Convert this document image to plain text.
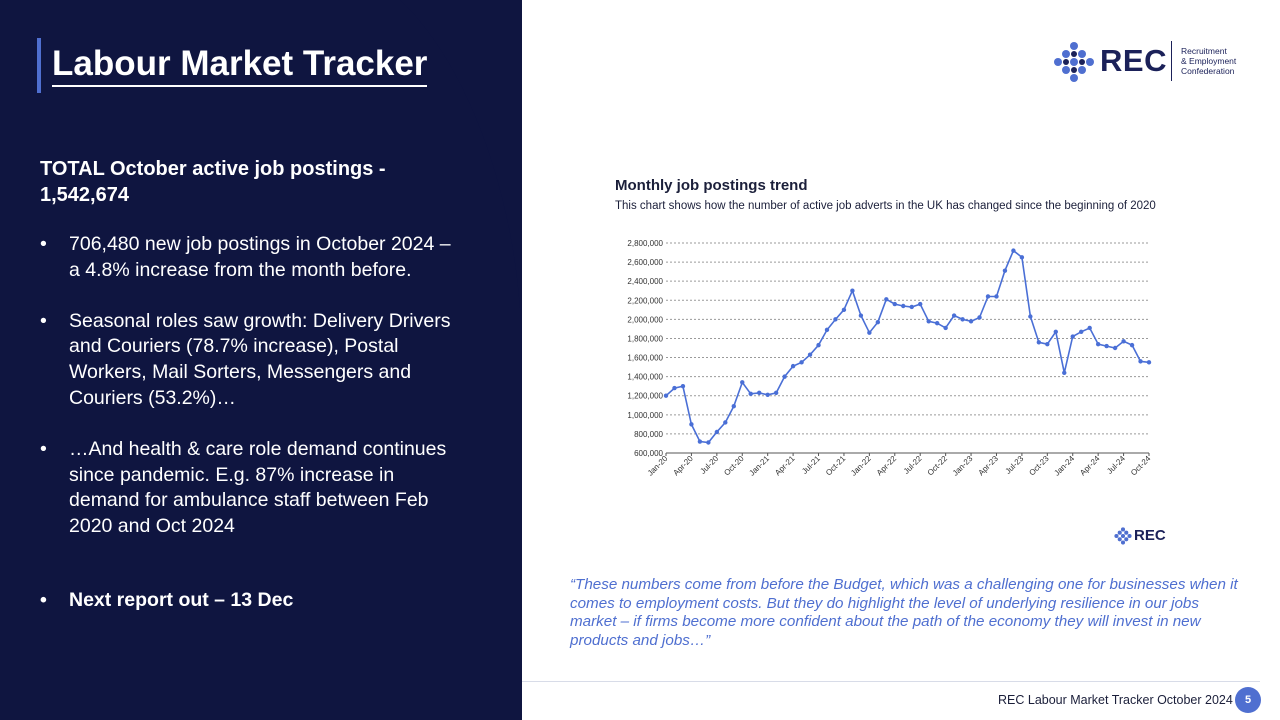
Labour Market Tracker
TOTAL October active job postings -
1,542,674
• 706,480 new job postings in October 2024 – a 4.8% increase from the month before.
• Seasonal roles saw growth: Delivery Drivers and Couriers (78.7% increase), Postal Workers, Mail Sorters, Messengers and Couriers (53.2%)…
• …And health & care role demand continues since pandemic. E.g. 87% increase in demand for ambulance staff between Feb 2020 and Oct 2024
• Next report out – 13 Dec
REC Recruitment
& Employment
Confederation
Monthly job postings trend
This chart shows how the number of active job adverts in the UK has changed since the beginning of 2020
600,000
800,000
1,000,000
1,200,000
1,400,000
1,600,000
1,800,000
2,000,000
2,200,000
2,400,000
2,600,000
2,800,000
Jan-20 Apr-20 Jul-20 Oct-20 Jan-21 Apr-21 Jul-21 Oct-21 Jan-22 Apr-22 Jul-22 Oct-22 Jan-23 Apr-23 Jul-23 Oct-23 Jan-24 Apr-24 Jul-24 Oct-24
REC
“These numbers come from before the Budget, which was a challenging one for businesses when it comes to employment costs. But they do highlight the level of underlying resilience in our jobs market – if firms become more confident about the path of the economy they will invest in new products and jobs…”
REC Labour Market Tracker October 2024	5
